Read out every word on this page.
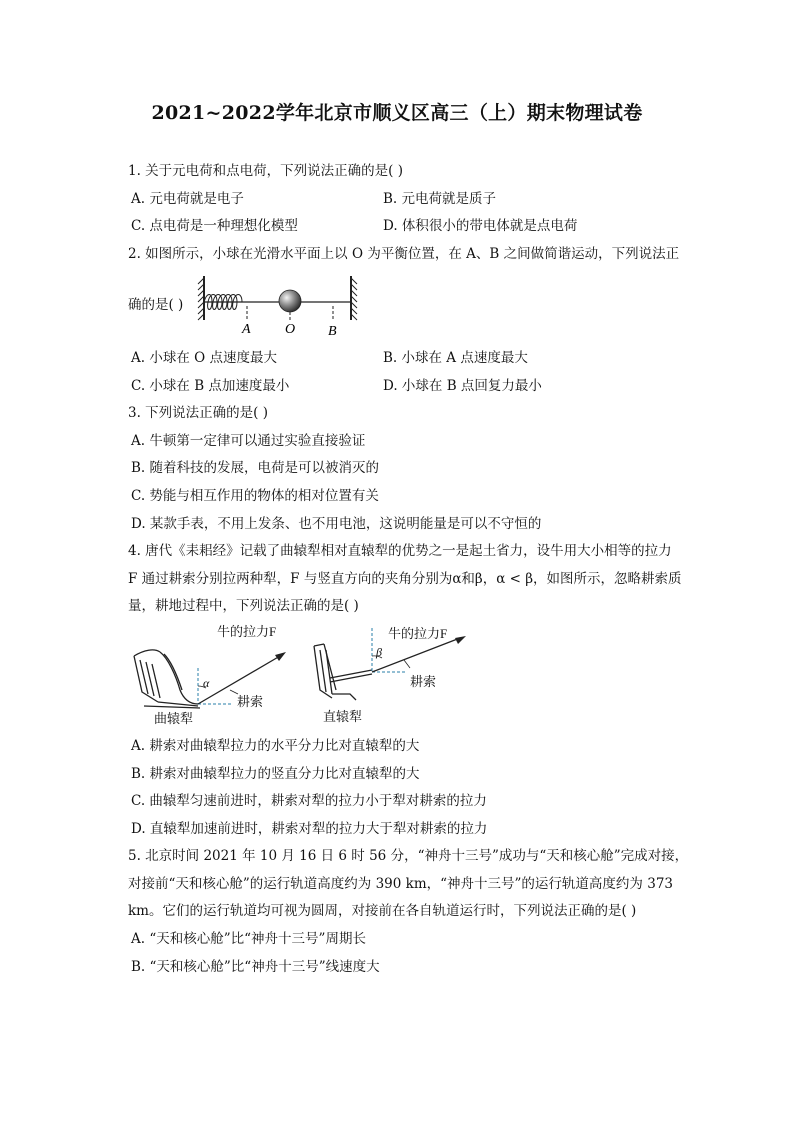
2021~2022学年北京市顺义区高三（上）期末物理试卷
1. 关于元电荷和点电荷，下列说法正确的是( )
A. 元电荷就是电子	B. 元电荷就是质子
C. 点电荷是一种理想化模型	D. 体积很小的带电体就是点电荷
2. 如图所示，小球在光滑水平面上以 O 为平衡位置，在 A、B 之间做简谐运动，下列说法正
确的是( )
A O B
A. 小球在 O 点速度最大	B. 小球在 A 点速度最大
C. 小球在 B 点加速度最小	D. 小球在 B 点回复力最小
3. 下列说法正确的是( )
A. 牛顿第一定律可以通过实验直接验证
B. 随着科技的发展，电荷是可以被消灭的
C. 势能与相互作用的物体的相对位置有关
D. 某款手表，不用上发条、也不用电池，这说明能量是可以不守恒的
4. 唐代《耒耜经》记载了曲辕犁相对直辕犁的优势之一是起土省力，设牛用大小相等的拉力
F 通过耕索分别拉两种犁，F 与竖直方向的夹角分别为α和β，α < β，如图所示，忽略耕索质
量，耕地过程中，下列说法正确的是( )
牛的拉力F
α
耕索
曲辕犁
牛的拉力F
β
耕索
直辕犁
A. 耕索对曲辕犁拉力的水平分力比对直辕犁的大
B. 耕索对曲辕犁拉力的竖直分力比对直辕犁的大
C. 曲辕犁匀速前进时，耕索对犁的拉力小于犁对耕索的拉力
D. 直辕犁加速前进时，耕索对犁的拉力大于犁对耕索的拉力
5. 北京时间 2021 年 10 月 16 日 6 时 56 分，“神舟十三号”成功与“天和核心舱”完成对接，
对接前“天和核心舱”的运行轨道高度约为 390 km，“神舟十三号”的运行轨道高度约为 373
km。它们的运行轨道均可视为圆周，对接前在各自轨道运行时，下列说法正确的是( )
A. “天和核心舱”比“神舟十三号”周期长
B. “天和核心舱”比“神舟十三号”线速度大
